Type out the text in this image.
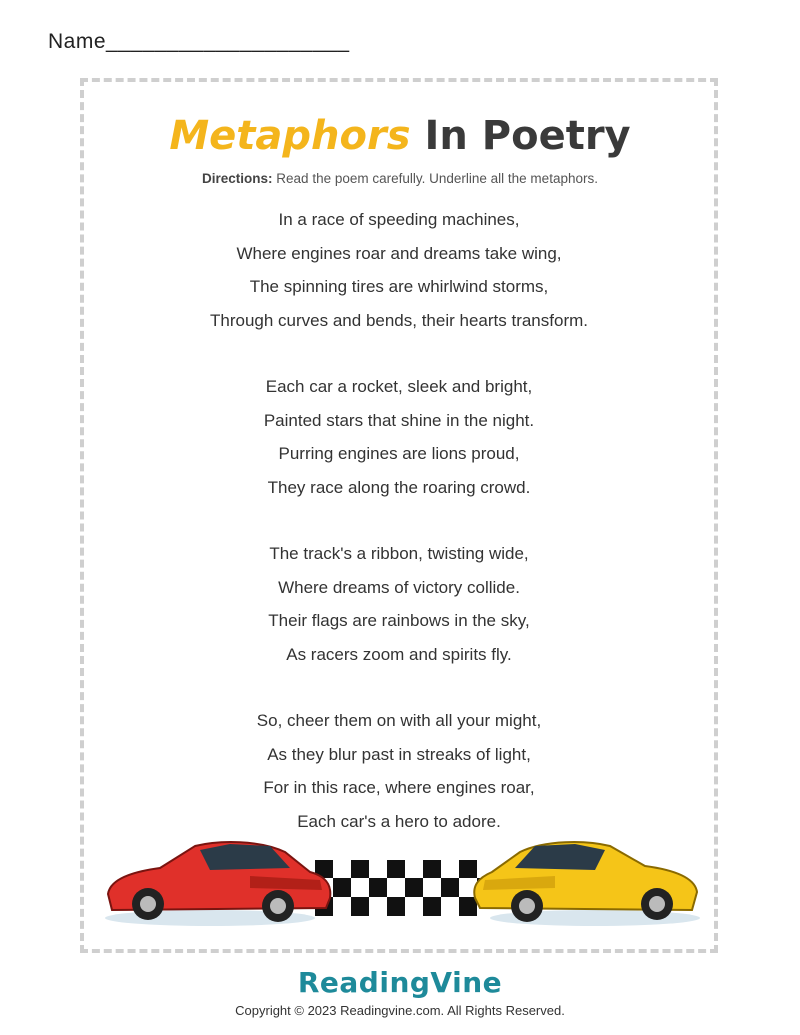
Name____________________
Metaphors In Poetry
Directions: Read the poem carefully. Underline all the metaphors.
In a race of speeding machines,
Where engines roar and dreams take wing,
The spinning tires are whirlwind storms,
Through curves and bends, their hearts transform.
Each car a rocket, sleek and bright,
Painted stars that shine in the night.
Purring engines are lions proud,
They race along the roaring crowd.
The track's a ribbon, twisting wide,
Where dreams of victory collide.
Their flags are rainbows in the sky,
As racers zoom and spirits fly.
So, cheer them on with all your might,
As they blur past in streaks of light,
For in this race, where engines roar,
Each car's a hero to adore.
ReadingVine
Copyright © 2023 Readingvine.com. All Rights Reserved.
